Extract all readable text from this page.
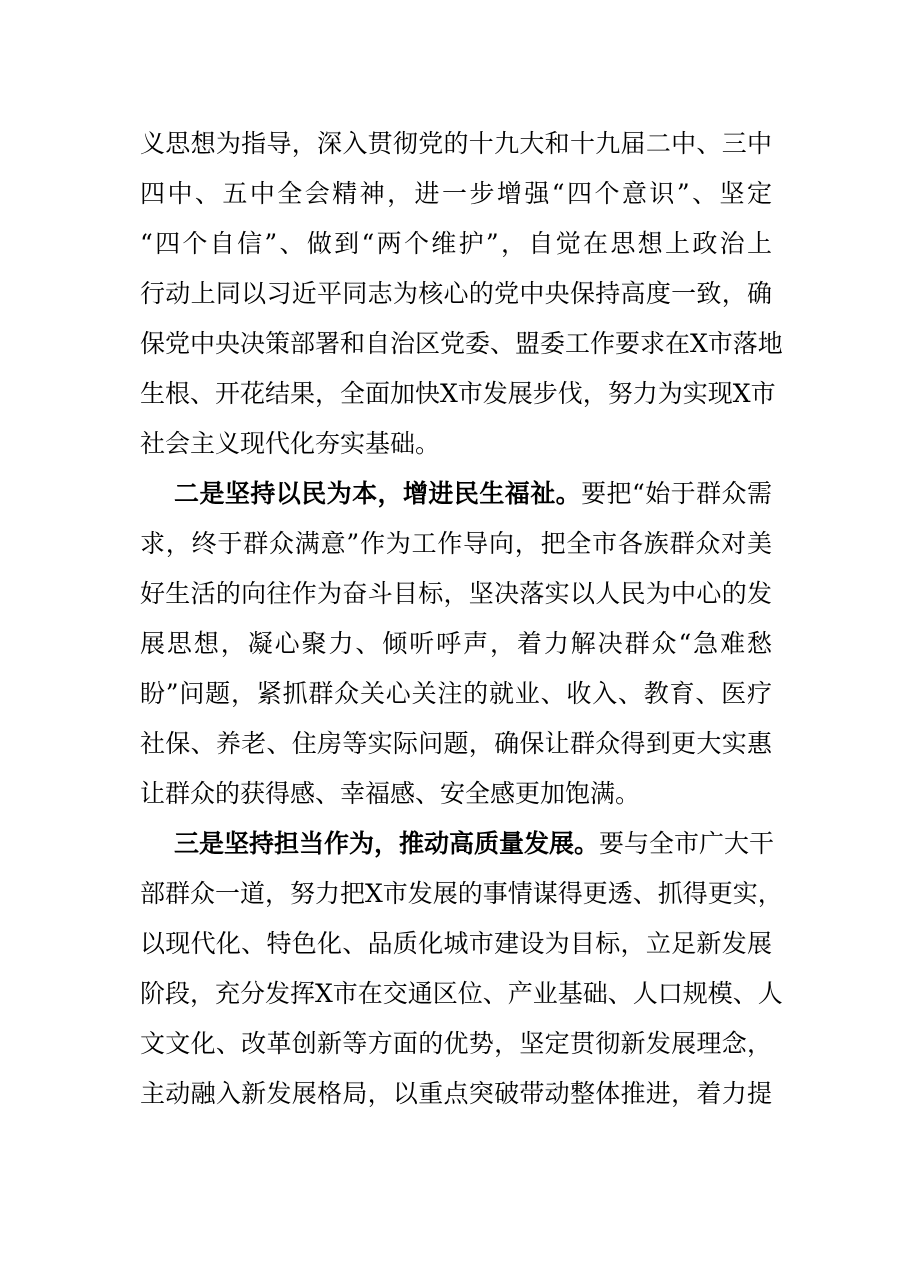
义思想为指导，深入贯彻党的十九大和十九届二中、三中
四中、五中全会精神，进一步增强“四个意识”、坚定
“四个自信”、做到“两个维护”，自觉在思想上政治上
行动上同以习近平同志为核心的党中央保持高度一致，确
保党中央决策部署和自治区党委、盟委工作要求在X市落地
生根、开花结果，全面加快X市发展步伐，努力为实现X市
社会主义现代化夯实基础。
二是坚持以民为本，增进民生福祉。要把“始于群众需
求，终于群众满意”作为工作导向，把全市各族群众对美
好生活的向往作为奋斗目标，坚决落实以人民为中心的发
展思想，凝心聚力、倾听呼声，着力解决群众“急难愁
盼”问题，紧抓群众关心关注的就业、收入、教育、医疗
社保、养老、住房等实际问题，确保让群众得到更大实惠
让群众的获得感、幸福感、安全感更加饱满。
三是坚持担当作为，推动高质量发展。要与全市广大干
部群众一道，努力把X市发展的事情谋得更透、抓得更实，
以现代化、特色化、品质化城市建设为目标，立足新发展
阶段，充分发挥X市在交通区位、产业基础、人口规模、人
文文化、改革创新等方面的优势，坚定贯彻新发展理念，
主动融入新发展格局，以重点突破带动整体推进，着力提
